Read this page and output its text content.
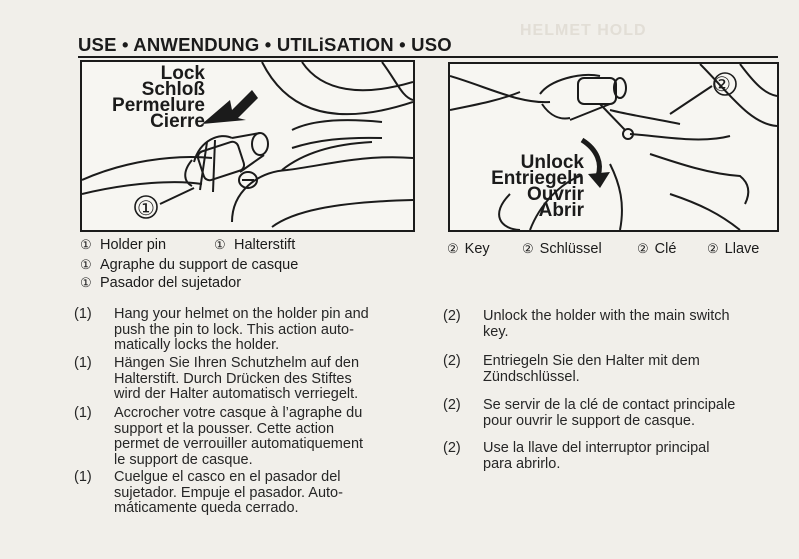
HELMET HOLD
USE • ANWENDUNG • UTILiSATION • USO
Lock
Schloß
Permelure
Cierre
①
Unlock
Entriegeln
Ouvrir
Abrir
②
① Holder pin	① Halterstift
① Agraphe du support de casque
① Pasador del sujetador
② Key ② Schlüssel	② Clé ② Llave
(1) Hang your helmet on the holder pin and
push the pin to lock. This action auto-
matically locks the holder.
(1) Hängen Sie Ihren Schutzhelm auf den
Halterstift. Durch Drücken des Stiftes
wird der Halter automatisch verriegelt.
(1) Accrocher votre casque à l’agraphe du
support et la pousser. Cette action
permet de verrouiller automatiquement
le support de casque.
(1) Cuelgue el casco en el pasador del
sujetador. Empuje el pasador. Auto-
máticamente queda cerrado.
(2) Unlock the holder with the main switch
key.
(2) Entriegeln Sie den Halter mit dem
Zündschlüssel.
(2) Se servir de la clé de contact principale
pour ouvrir le support de casque.
(2) Use la llave del interruptor principal
para abrirlo.
